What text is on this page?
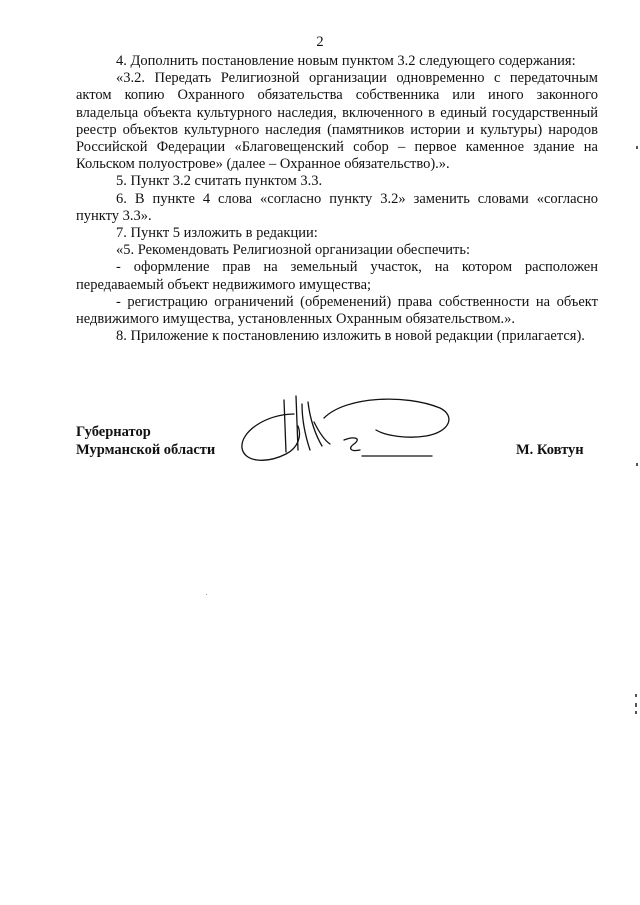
2

4. Дополнить постановление новым пунктом 3.2 следующего содержания:

«3.2. Передать Религиозной организации одновременно с передаточным актом копию Охранного обязательства собственника или иного законного владельца объекта культурного наследия, включенного в единый государственный реестр объектов культурного наследия (памятников истории и культуры) народов Российской Федерации «Благовещенский собор – первое каменное здание на Кольском полуострове» (далее – Охранное обязательство).».

5. Пункт 3.2 считать пунктом 3.3.

6. В пункте 4 слова «согласно пункту 3.2» заменить словами «согласно пункту 3.3».

7. Пункт 5 изложить в редакции:

«5. Рекомендовать Религиозной организации обеспечить:

- оформление прав на земельный участок, на котором расположен передаваемый объект недвижимого имущества;

- регистрацию ограничений (обременений) права собственности на объект недвижимого имущества, установленных Охранным обязательством.».

8. Приложение к постановлению изложить в новой редакции (прилагается).

Губернатор
Мурманской области	М. Ковтун
